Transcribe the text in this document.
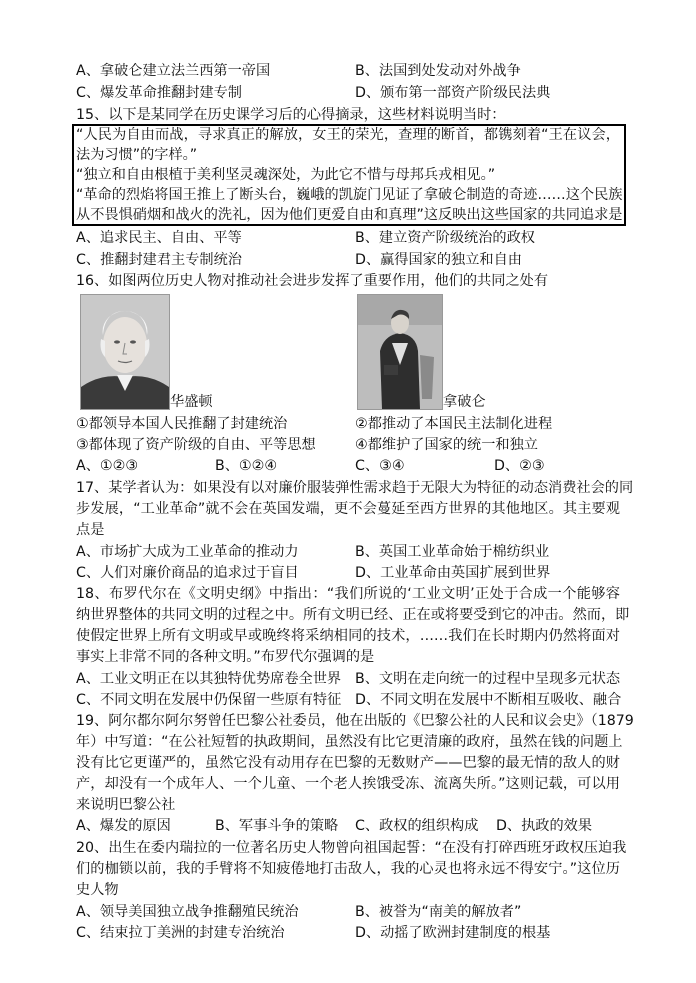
A、拿破仑建立法兰西第一帝国	B、法国到处发动对外战争
C、爆发革命推翻封建专制	D、颁布第一部资产阶级民法典
15、以下是某同学在历史课学习后的心得摘录，这些材料说明当时：
“人民为自由而战，寻求真正的解放，女王的荣光，查理的断首，都镌刻着“王在议会，
法为习惯”的字样。”
“独立和自由根植于美利坚灵魂深处，为此它不惜与母邦兵戎相见。”
“革命的烈焰将国王推上了断头台，巍峨的凯旋门见证了拿破仑制造的奇迹……这个民族
从不畏惧硝烟和战火的洗礼，因为他们更爱自由和真理”这反映出这些国家的共同追求是
A、追求民主、自由、平等	B、建立资产阶级统治的政权
C、推翻封建君主专制统治	D、赢得国家的独立和自由
16、如图两位历史人物对推动社会进步发挥了重要作用，他们的共同之处有
华盛顿	拿破仑
①都领导本国人民推翻了封建统治	②都推动了本国民主法制化进程
③都体现了资产阶级的自由、平等思想	④都维护了国家的统一和独立
A、①②③	B、①②④	C、③④	D、②③
17、某学者认为：如果没有以对廉价服装弹性需求趋于无限大为特征的动态消费社会的同
步发展，“工业革命”就不会在英国发端，更不会蔓延至西方世界的其他地区。其主要观
点是
A、市场扩大成为工业革命的推动力	B、英国工业革命始于棉纺织业
C、人们对廉价商品的追求过于盲目	D、工业革命由英国扩展到世界
18、布罗代尔在《文明史纲》中指出：“我们所说的‘工业文明’正处于合成一个能够容
纳世界整体的共同文明的过程之中。所有文明已经、正在或将要受到它的冲击。然而，即
使假定世界上所有文明或早或晚终将采纳相同的技术，……我们在长时期内仍然将面对
事实上非常不同的各种文明。”布罗代尔强调的是
A、工业文明正在以其独特优势席卷全世界 B、文明在走向统一的过程中呈现多元状态
C、不同文明在发展中仍保留一些原有特征 D、不同文明在发展中不断相互吸收、融合
19、阿尔都尔阿尔努曾任巴黎公社委员，他在出版的《巴黎公社的人民和议会史》（1879
年）中写道：“在公社短暂的执政期间，虽然没有比它更清廉的政府，虽然在钱的问题上
没有比它更谨严的，虽然它没有动用存在巴黎的无数财产——巴黎的最无情的敌人的财
产，却没有一个成年人、一个儿童、一个老人挨饿受冻、流离失所。”这则记载，可以用
来说明巴黎公社
A、爆发的原因	B、军事斗争的策略 C、政权的组织构成 D、执政的效果
20、出生在委内瑞拉的一位著名历史人物曾向祖国起誓：“在没有打碎西班牙政权压迫我
们的枷锁以前，我的手臂将不知疲倦地打击敌人，我的心灵也将永远不得安宁。”这位历
史人物
A、领导美国独立战争推翻殖民统治	B、被誉为“南美的解放者”
C、结束拉丁美洲的封建专治统治	D、动摇了欧洲封建制度的根基
